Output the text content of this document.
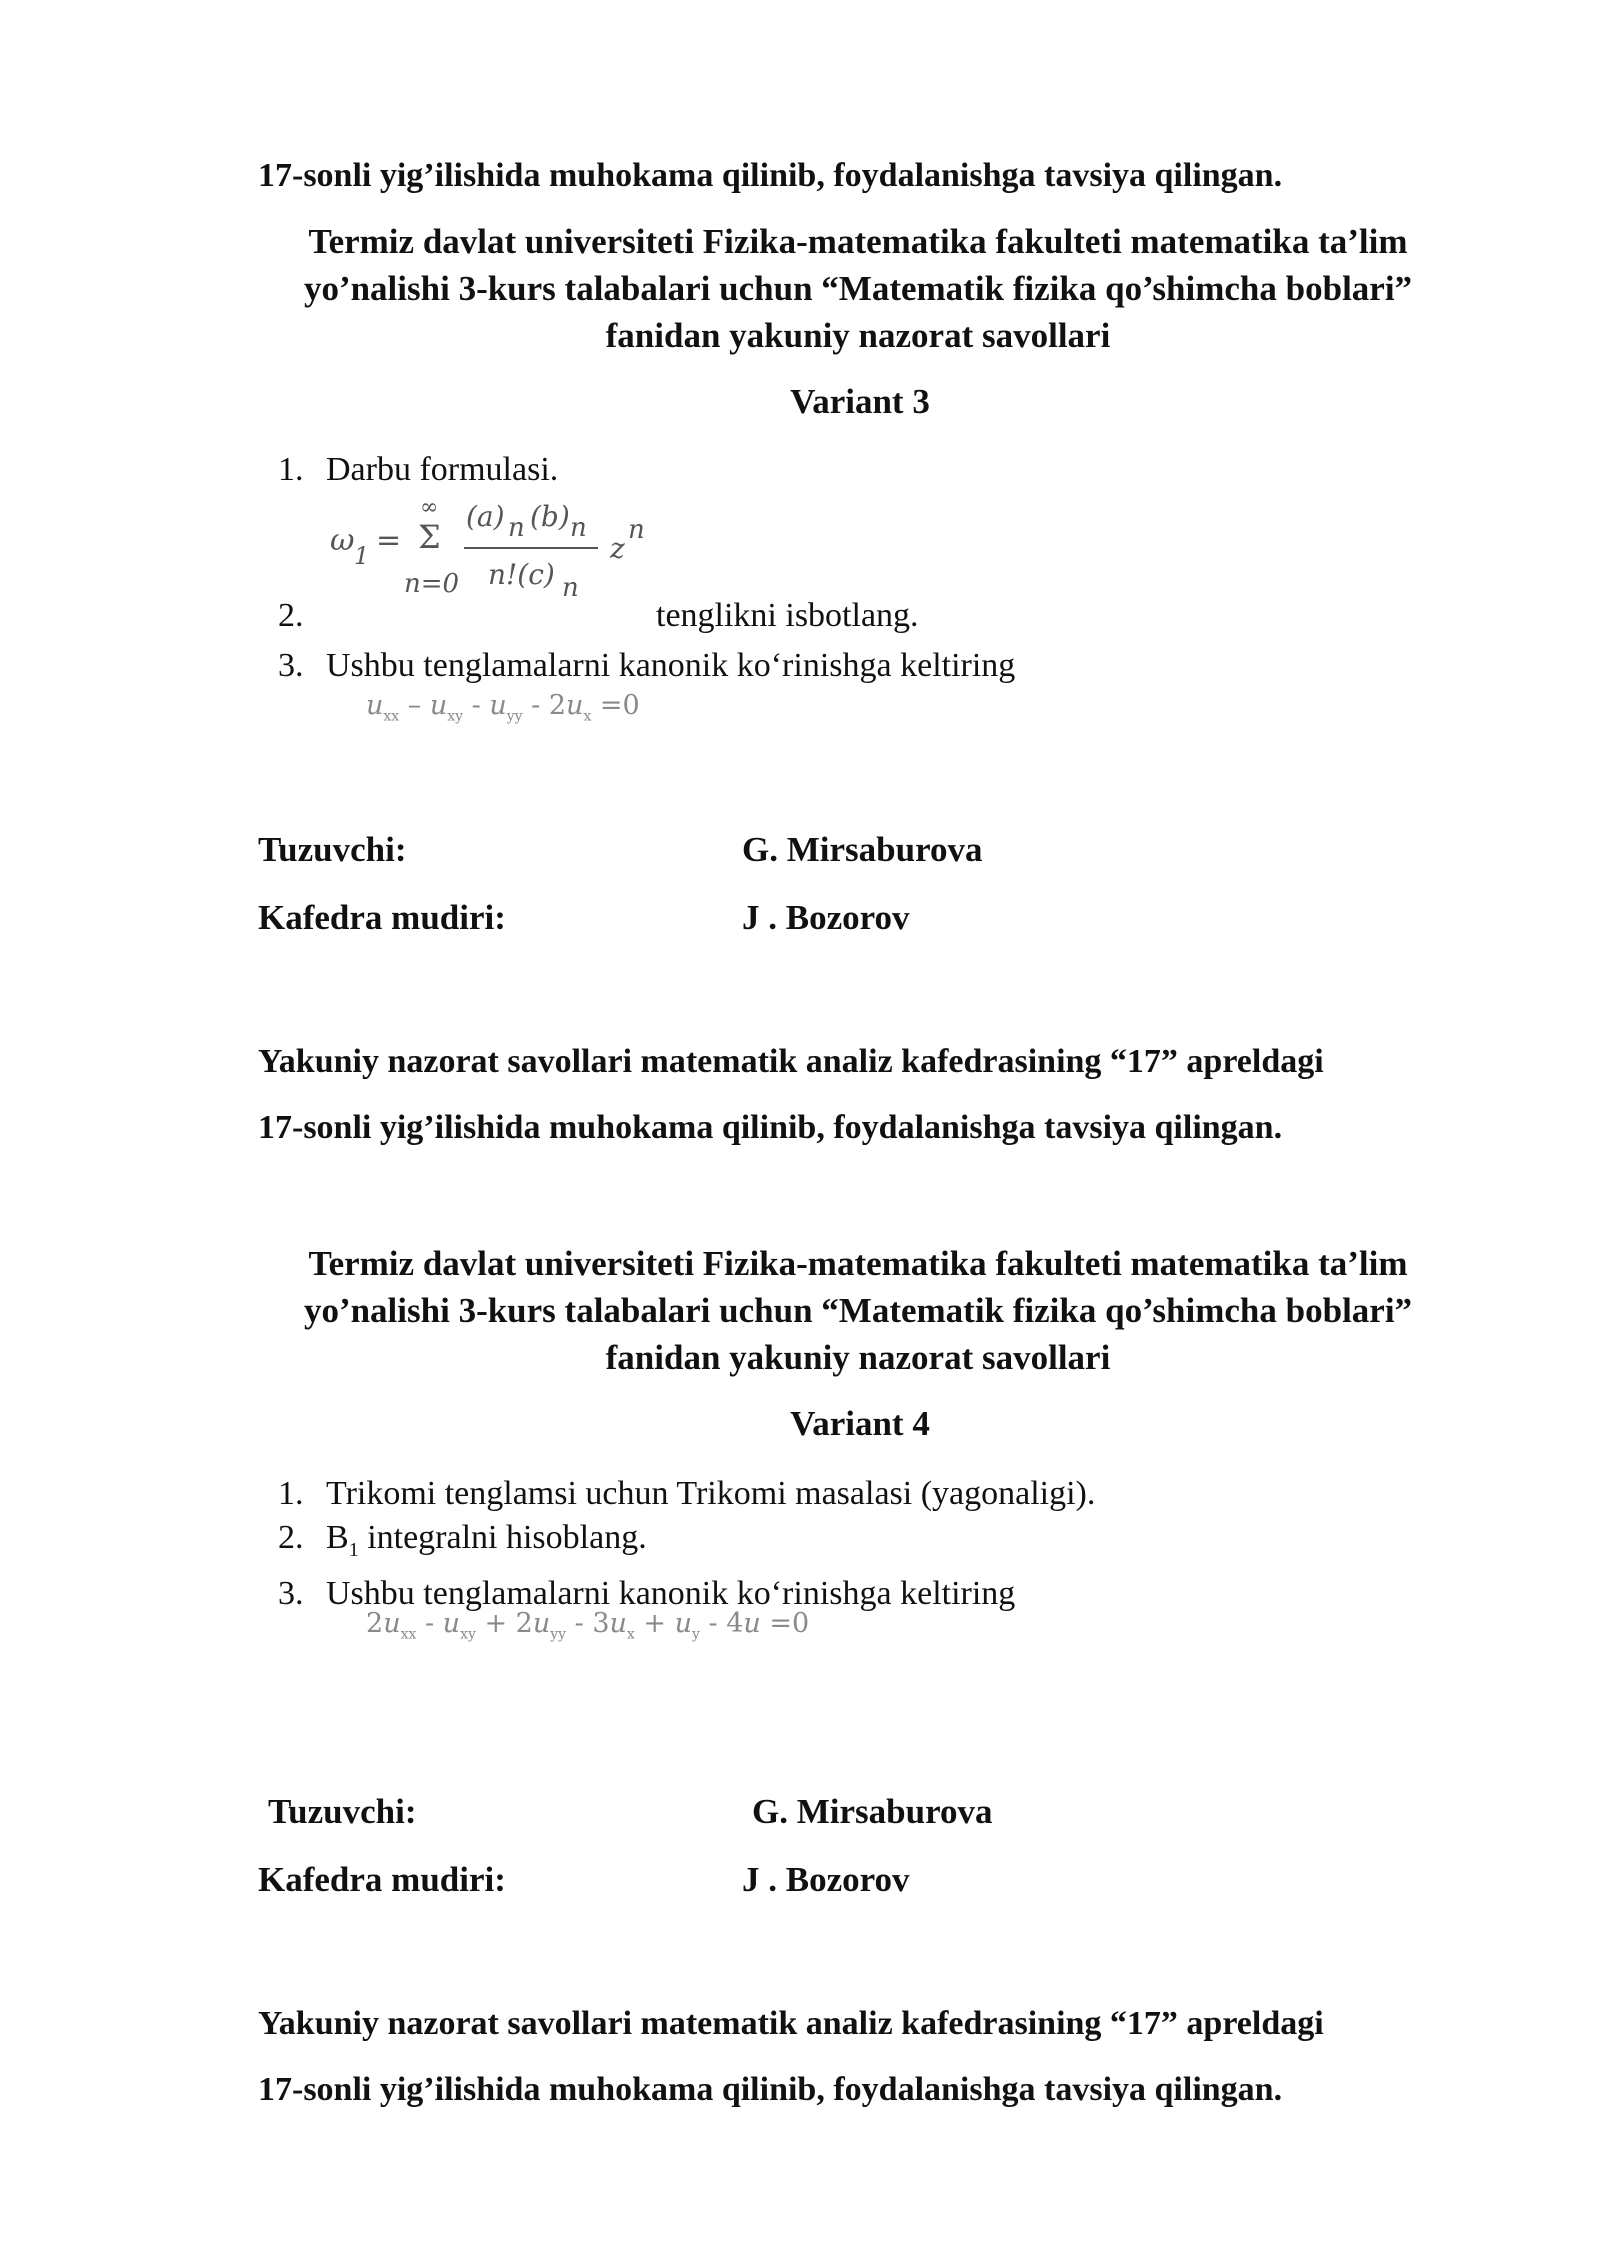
17-sonli yig’ilishida muhokama qilinib, foydalanishga tavsiya qilingan.
Termiz davlat universiteti Fizika-matematika fakulteti matematika ta’lim
yo’nalishi 3-kurs talabalari uchun “Matematik fizika qo’shimcha boblari”
fanidan yakuniy nazorat savollari
Variant 3
1. Darbu formulasi.
ω 1 =
∞
Σ
n=0
(a) n (b) n
n!(c) n
z
n
2.	tenglikni isbotlang.
3. Ushbu tenglamalarni kanonik ko‘rinishga keltiring
$u_{xx} - u_{xy} - u_{yy} - 2u_x =0$
Tuzuvchi:	G. Mirsaburova
Kafedra mudiri:	J . Bozorov
Yakuniy nazorat savollari matematik analiz kafedrasining “17” apreldagi
17-sonli yig’ilishida muhokama qilinib, foydalanishga tavsiya qilingan.
Termiz davlat universiteti Fizika-matematika fakulteti matematika ta’lim
yo’nalishi 3-kurs talabalari uchun “Matematik fizika qo’shimcha boblari”
fanidan yakuniy nazorat savollari
Variant 4
1. Trikomi tenglamsi uchun Trikomi masalasi (yagonaligi).
2. $B_1$ integralni hisoblang.
3. Ushbu tenglamalarni kanonik ko‘rinishga keltiring
$2u_{xx} - u_{xy} + 2u_{yy} - 3u_x + u_y - 4u =0$
Tuzuvchi:	G. Mirsaburova
Kafedra mudiri:	J . Bozorov
Yakuniy nazorat savollari matematik analiz kafedrasining “17” apreldagi
17-sonli yig’ilishida muhokama qilinib, foydalanishga tavsiya qilingan.
